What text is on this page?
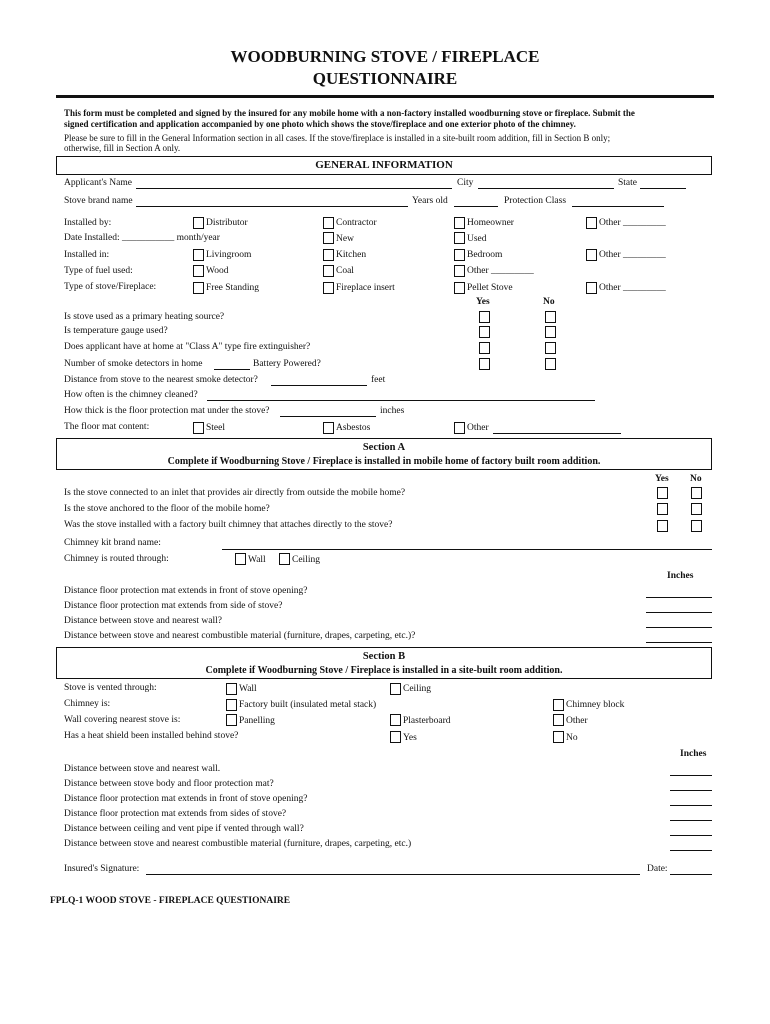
WOODBURNING STOVE / FIREPLACE
QUESTIONNAIRE
This form must be completed and signed by the insured for any mobile home with a non-factory installed woodburning stove or fireplace. Submit the
signed certification and application accompanied by one photo which shows the stove/fireplace and one exterior photo of the chimney.
Please be sure to fill in the General Information section in all cases. If the stove/fireplace is installed in a site-built room addition, fill in Section B only;
otherwise, fill in Section A only.
GENERAL INFORMATION
Applicant's Name	City	State
Stove brand name	Years old	Protection Class
Installed by:	Distributor	Contractor	Homeowner	Other _________
Date Installed: ___________ month/year	New	Used
Installed in:	Livingroom	Kitchen	Bedroom	Other _________
Type of fuel used:	Wood	Coal	Other _________
Type of stove/Fireplace:	Free Standing	Fireplace insert	Pellet Stove	Other _________
Yes	No
Is stove used as a primary heating source?
Is temperature gauge used?
Does applicant have at home at "Class A" type fire extinguisher?
Number of smoke detectors in home	Battery Powered?
Distance from stove to the nearest smoke detector?	feet
How often is the chimney cleaned?
How thick is the floor protection mat under the stove?	inches
The floor mat content:	Steel	Asbestos	Other
Section A
Complete if Woodburning Stove / Fireplace is installed in mobile home of factory built room addition.
Yes No
Is the stove connected to an inlet that provides air directly from outside the mobile home?
Is the stove anchored to the floor of the mobile home?
Was the stove installed with a factory built chimney that attaches directly to the stove?
Chimney kit brand name:
Chimney is routed through:	Wall	Ceiling
Inches
Distance floor protection mat extends in front of stove opening?
Distance floor protection mat extends from side of stove?
Distance between stove and nearest wall?
Distance between stove and nearest combustible material (furniture, drapes, carpeting, etc.)?
Section B
Complete if Woodburning Stove / Fireplace is installed in a site-built room addition.
Stove is vented through:	Wall	Ceiling
Chimney is:	Factory built (insulated metal stack)	Chimney block
Wall covering nearest stove is:	Panelling	Plasterboard	Other
Has a heat shield been installed behind stove?	Yes	No
Inches
Distance between stove and nearest wall.
Distance between stove body and floor protection mat?
Distance floor protection mat extends in front of stove opening?
Distance floor protection mat extends from sides of stove?
Distance between ceiling and vent pipe if vented through wall?
Distance between stove and nearest combustible material (furniture, drapes, carpeting, etc.)
Insured's Signature:	Date:
FPLQ-1 WOOD STOVE - FIREPLACE QUESTIONAIRE
